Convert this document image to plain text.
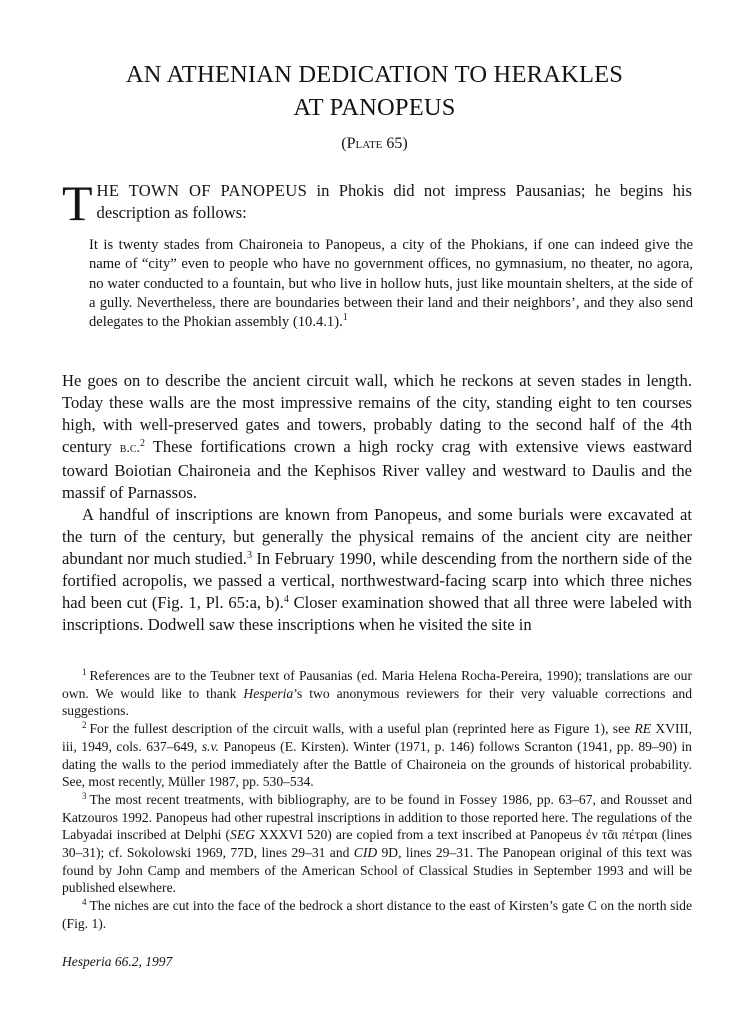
AN ATHENIAN DEDICATION TO HERAKLES
AT PANOPEUS

(Plate 65)

THE TOWN OF PANOPEUS in Phokis did not impress Pausanias; he begins his description as follows:

It is twenty stades from Chaironeia to Panopeus, a city of the Phokians, if one can indeed give the name of “city” even to people who have no government offices, no gymnasium, no theater, no agora, no water conducted to a fountain, but who live in hollow huts, just like mountain shelters, at the side of a gully. Nevertheless, there are boundaries between their land and their neighbors’, and they also send delegates to the Phokian assembly (10.4.1).$^1$

He goes on to describe the ancient circuit wall, which he reckons at seven stades in length. Today these walls are the most impressive remains of the city, standing eight to ten courses high, with well-preserved gates and towers, probably dating to the second half of the 4th century b.c.$^2$ These fortifications crown a high rocky crag with extensive views eastward toward Boiotian Chaironeia and the Kephisos River valley and westward to Daulis and the massif of Parnassos.

A handful of inscriptions are known from Panopeus, and some burials were excavated at the turn of the century, but generally the physical remains of the ancient city are neither abundant nor much studied.$^3$ In February 1990, while descending from the northern side of the fortified acropolis, we passed a vertical, northwestward-facing scarp into which three niches had been cut (Fig. 1, Pl. 65:a, b).$^4$ Closer examination showed that all three were labeled with inscriptions. Dodwell saw these inscriptions when he visited the site in

$^1$ References are to the Teubner text of Pausanias (ed. Maria Helena Rocha-Pereira, 1990); translations are our own. We would like to thank Hesperia’s two anonymous reviewers for their very valuable corrections and suggestions.

$^2$ For the fullest description of the circuit walls, with a useful plan (reprinted here as Figure 1), see RE XVIII, iii, 1949, cols. 637–649, s.v. Panopeus (E. Kirsten). Winter (1971, p. 146) follows Scranton (1941, pp. 89–90) in dating the walls to the period immediately after the Battle of Chaironeia on the grounds of historical probability. See, most recently, Müller 1987, pp. 530–534.

$^3$ The most recent treatments, with bibliography, are to be found in Fossey 1986, pp. 63–67, and Rousset and Katzouros 1992. Panopeus had other rupestral inscriptions in addition to those reported here. The regulations of the Labyadai inscribed at Delphi (SEG XXXVI 520) are copied from a text inscribed at Panopeus ἐν τᾶι πέτραι (lines 30–31); cf. Sokolowski 1969, 77D, lines 29–31 and CID 9D, lines 29–31. The Panopean original of this text was found by John Camp and members of the American School of Classical Studies in September 1993 and will be published elsewhere.

$^4$ The niches are cut into the face of the bedrock a short distance to the east of Kirsten’s gate C on the north side (Fig. 1).

Hesperia 66.2, 1997
